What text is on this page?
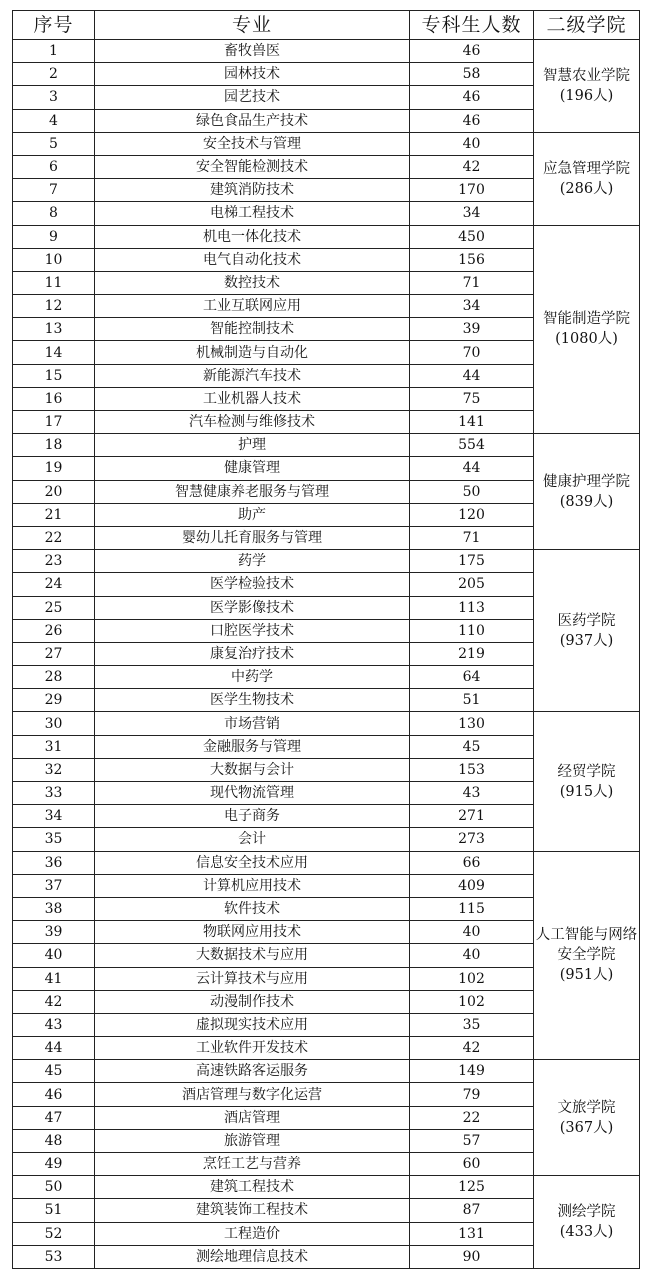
序号	专业	专科生人数	二级学院
1	畜牧兽医	46	智慧农业学院
(196人)

2	园林技术	58	
3	园艺技术	46	
4	绿色食品生产技术	46	
5	安全技术与管理	40	应急管理学院
(286人)

6	安全智能检测技术	42	
7	建筑消防技术	170	
8	电梯工程技术	34	
9	机电一体化技术	450	智能制造学院
(1080人)

10	电气自动化技术	156	
11	数控技术	71	
12	工业互联网应用	34	
13	智能控制技术	39	
14	机械制造与自动化	70	
15	新能源汽车技术	44	
16	工业机器人技术	75	
17	汽车检测与维修技术	141	
18	护理	554	健康护理学院
(839人)

19	健康管理	44	
20	智慧健康养老服务与管理	50	
21	助产	120	
22	婴幼儿托育服务与管理	71	
23	药学	175	医药学院
(937人)

24	医学检验技术	205	
25	医学影像技术	113	
26	口腔医学技术	110	
27	康复治疗技术	219	
28	中药学	64	
29	医学生物技术	51	
30	市场营销	130	经贸学院
(915人)

31	金融服务与管理	45	
32	大数据与会计	153	
33	现代物流管理	43	
34	电子商务	271	
35	会计	273	
36	信息安全技术应用	66	人工智能与网络安全学院
(951人)

37	计算机应用技术	409	
38	软件技术	115	
39	物联网应用技术	40	
40	大数据技术与应用	40	
41	云计算技术与应用	102	
42	动漫制作技术	102	
43	虚拟现实技术应用	35	
44	工业软件开发技术	42	
45	高速铁路客运服务	149	文旅学院
(367人)

46	酒店管理与数字化运营	79	
47	酒店管理	22	
48	旅游管理	57	
49	烹饪工艺与营养	60	
50	建筑工程技术	125	测绘学院
(433人)

51	建筑装饰工程技术	87	
52	工程造价	131	
53	测绘地理信息技术	90	
